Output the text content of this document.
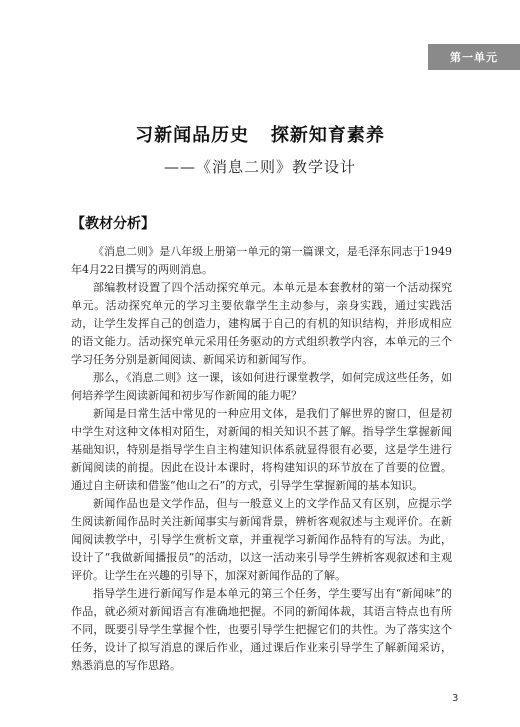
第一单元
习新闻品历史   探新知育素养
——《消息二则》教学设计
【教材分析】

《消息二则》是八年级上册第一单元的第一篇课文，是毛泽东同志于1949年4月22日撰写的两则消息。

部编教材设置了四个活动探究单元。本单元是本套教材的第一个活动探究单元。活动探究单元的学习主要依靠学生主动参与，亲身实践，通过实践活动，让学生发挥自己的创造力，建构属于自己的有机的知识结构，并形成相应的语文能力。活动探究单元采用任务驱动的方式组织教学内容，本单元的三个学习任务分别是新闻阅读、新闻采访和新闻写作。

那么，《消息二则》这一课，该如何进行课堂教学，如何完成这些任务，如何培养学生阅读新闻和初步写作新闻的能力呢？

新闻是日常生活中常见的一种应用文体，是我们了解世界的窗口，但是初中学生对这种文体相对陌生，对新闻的相关知识不甚了解。指导学生掌握新闻基础知识，特别是指导学生自主构建知识体系就显得很有必要，这是学生进行新闻阅读的前提。因此在设计本课时，将构建知识的环节放在了首要的位置。通过自主研读和借鉴“他山之石”的方式，引导学生掌握新闻的基本知识。

新闻作品也是文学作品，但与一般意义上的文学作品又有区别，应提示学生阅读新闻作品时关注新闻事实与新闻背景，辨析客观叙述与主观评价。在新闻阅读教学中，引导学生赏析文章，并重视学习新闻作品特有的写法。为此，设计了“我做新闻播报员”的活动，以这一活动来引导学生辨析客观叙述和主观评价。让学生在兴趣的引导下，加深对新闻作品的了解。

指导学生进行新闻写作是本单元的第三个任务，学生要写出有“新闻味”的作品，就必须对新闻语言有准确地把握。不同的新闻体裁，其语言特点也有所不同，既要引导学生掌握个性，也要引导学生把握它们的共性。为了落实这个任务，设计了拟写消息的课后作业，通过课后作业来引导学生了解新闻采访，熟悉消息的写作思路。

3
